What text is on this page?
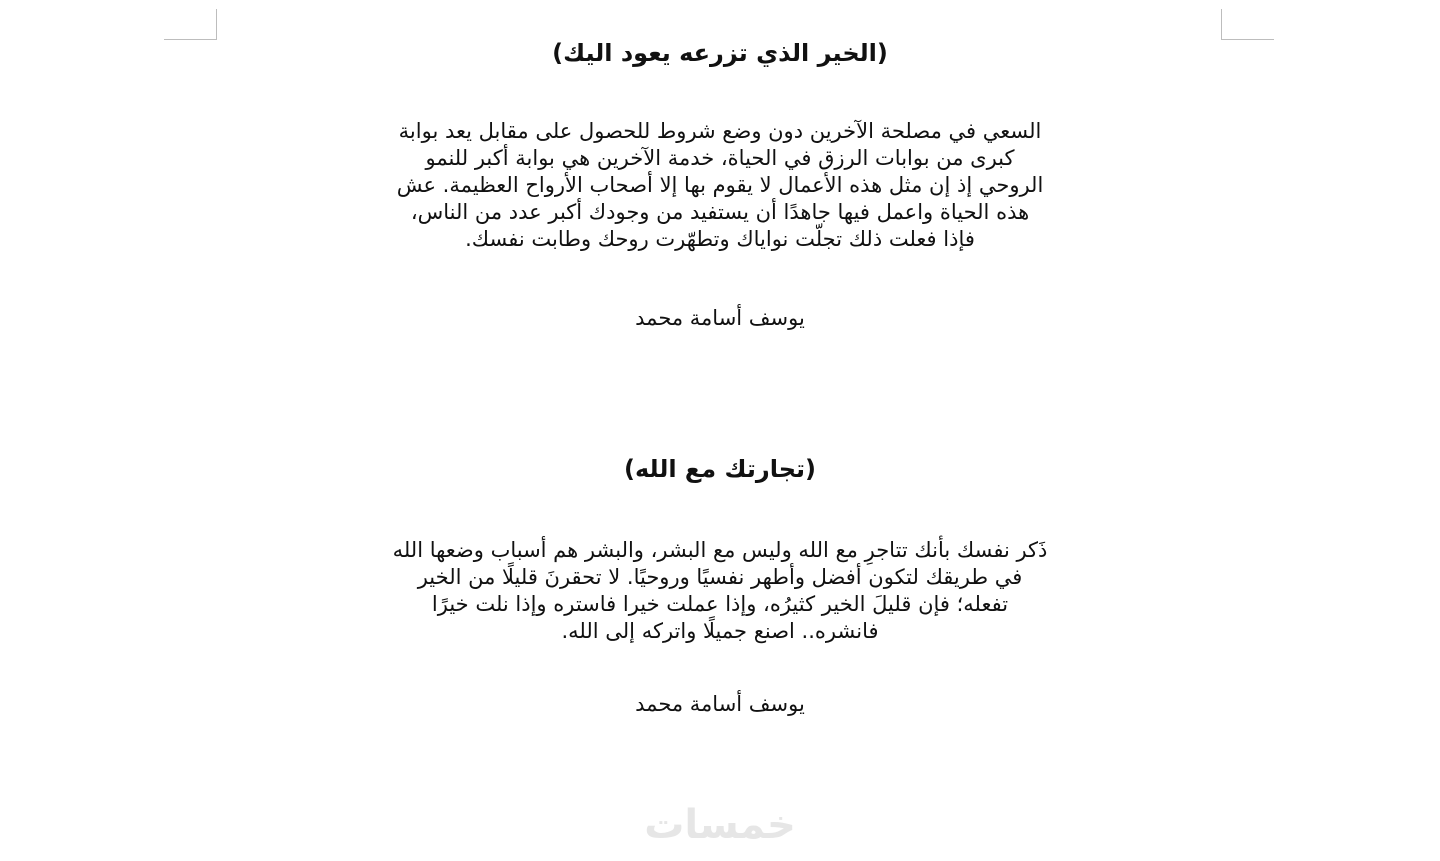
(الخير الذي تزرعه يعود اليك)

السعي في مصلحة الآخرين دون وضع شروط للحصول على مقابل يعد بوابة
كبرى من بوابات الرزق في الحياة، خدمة الآخرين هي بوابة أكبر للنمو
الروحي إذ إن مثل هذه الأعمال لا يقوم بها إلا أصحاب الأرواح العظيمة. عش
هذه الحياة واعمل فيها جاهدًا أن يستفيد من وجودك أكبر عدد من الناس،
فإذا فعلت ذلك تجلّت نواياك وتطهّرت روحك وطابت نفسك.

يوسف أسامة محمد

(تجارتك مع الله)

ذَكر نفسك بأنك تتاجرِ مع الله وليس مع البشر، والبشر هم أسباب وضعها الله
في طريقك لتكون أفضل وأطهر نفسيًا وروحيًا. لا تحقرنَ قليلًا من الخير
تفعله؛ فإن قليلَ الخير كثيرُه، وإذا عملت خيرا فاستره وإذا نلت خيرًا
فانشره.. اصنع جميلًا واتركه إلى الله.

يوسف أسامة محمد

خمسات
